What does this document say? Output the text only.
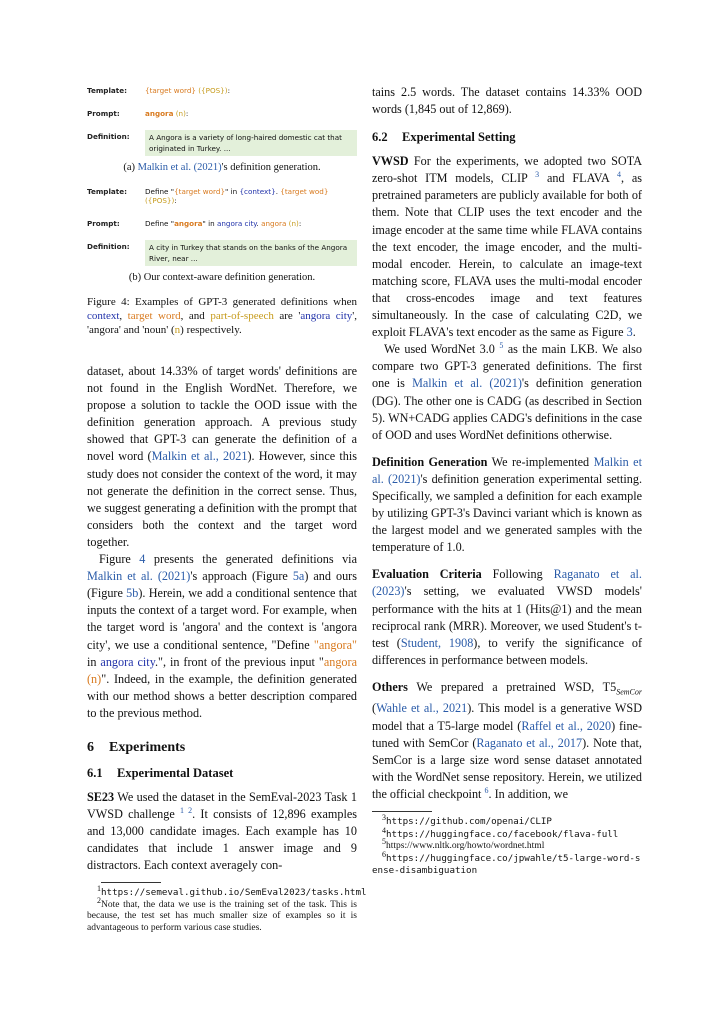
Template:	{target word} ({POS}):
Prompt:	angora (n):
Definition:	A Angora is a variety of long-haired domestic cat that originated in Turkey. ...

(a) Malkin et al. (2021)'s definition generation.

Template:	Define "{target word}" in {context}. {target wod} ({POS}):
Prompt:	Define "angora" in angora city. angora (n):
Definition:	A city in Turkey that stands on the banks of the Angora River, near ...

(b) Our context-aware definition generation.

Figure 4: Examples of GPT-3 generated definitions when context, target word, and part-of-speech are 'angora city', 'angora' and 'noun' (n) respectively.

dataset, about 14.33% of target words' definitions are not found in the English WordNet. Therefore, we propose a solution to tackle the OOD issue with the definition generation approach. A previous study showed that GPT-3 can generate the definition of a novel word (Malkin et al., 2021). However, since this study does not consider the context of the word, it may not generate the definition in the correct sense. Thus, we suggest generating a definition with the prompt that considers both the context and the target word together.

Figure 4 presents the generated definitions via Malkin et al. (2021)'s approach (Figure 5a) and ours (Figure 5b). Herein, we add a conditional sentence that inputs the context of a target word. For example, when the target word is 'angora' and the context is 'angora city', we use a conditional sentence, "Define "angora" in angora city.", in front of the previous input "angora (n)". Indeed, in the example, the definition generated with our method shows a better description compared to the previous method.

6 Experiments
6.1 Experimental Dataset

SE23 We used the dataset in the SemEval-2023 Task 1 VWSD challenge $^{1 2}$. It consists of 12,896 examples and 13,000 candidate images. Each example has 10 candidates that include 1 answer image and 9 distractors. Each context averagely con-

$^1$https://semeval.github.io/SemEval2023/tasks.html

$^2$Note that, the data we use is the training set of the task. This is because, the test set has much smaller size of examples so it is advantageous to perform various case studies.

tains 2.5 words. The dataset contains 14.33% OOD words (1,845 out of 12,869).

6.2 Experimental Setting

VWSD For the experiments, we adopted two SOTA zero-shot ITM models, CLIP $^3$ and FLAVA $^4$, as pretrained parameters are publicly available for both of them. Note that CLIP uses the text encoder and the image encoder at the same time while FLAVA contains the text encoder, the image encoder, and the multi-modal encoder. Herein, to calculate an image-text matching score, FLAVA uses the multi-modal encoder that cross-encodes image and text features simultaneously. In the case of calculating C2D, we exploit FLAVA's text encoder as the same as Figure 3.

We used WordNet 3.0 $^5$ as the main LKB. We also compare two GPT-3 generated definitions. The first one is Malkin et al. (2021)'s definition generation (DG). The other one is CADG (as described in Section 5). WN+CADG applies CADG's definitions in the case of OOD and uses WordNet definitions otherwise.

Definition Generation We re-implemented Malkin et al. (2021)'s definition generation experimental setting. Specifically, we sampled a definition for each example by utilizing GPT-3's Davinci variant which is known as the largest model and we generated samples with the temperature of 1.0.

Evaluation Criteria Following Raganato et al. (2023)'s setting, we evaluated VWSD models' performance with the hits at 1 (Hits@1) and the mean reciprocal rank (MRR). Moreover, we used Student's t-test (Student, 1908), to verify the significance of differences in performance between models.

Others We prepared a pretrained WSD, $T5_{SemCor}$ (Wahle et al., 2021). This model is a generative WSD model that a T5-large model (Raffel et al., 2020) fine-tuned with SemCor (Raganato et al., 2017). Note that, SemCor is a large size word sense dataset annotated with the WordNet sense repository. Herein, we utilized the official checkpoint $^6$. In addition, we

$^3$https://github.com/openai/CLIP

$^4$https://huggingface.co/facebook/flava-full

$^5$https://www.nltk.org/howto/wordnet.html

$^6$https://huggingface.co/jpwahle/t5-large-word-sense-disambiguation
